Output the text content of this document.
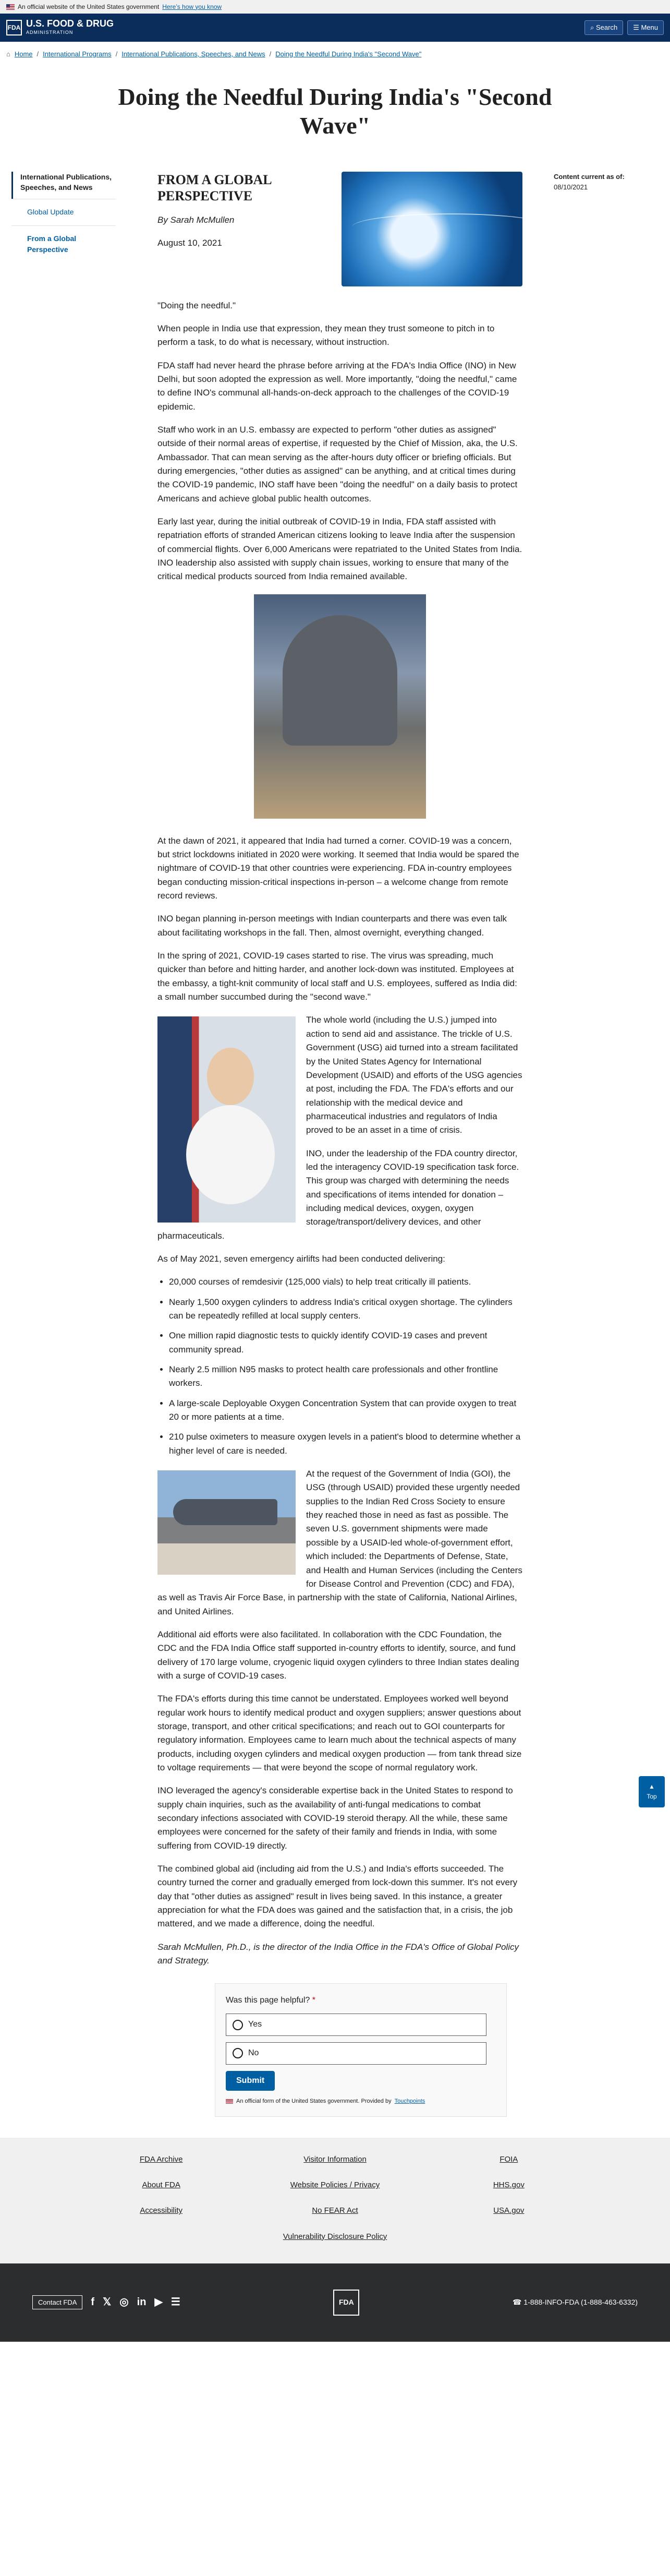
An official website of the United States government Here’s how you know
FDA U.S. FOOD & DRUG
ADMINISTRATION
⌕ Search	☰ Menu
⌂ Home / International Programs / International Publications, Speeches, and News / Doing the Needful During India's "Second Wave"
Doing the Needful During India's "Second Wave"
International Publications, Speeches, and News
Global Update
From a Global Perspective
FROM A GLOBAL PERSPECTIVE
By Sarah McMullen
August 10, 2021

"Doing the needful."

When people in India use that expression, they mean they trust someone to pitch in to perform a task, to do what is necessary, without instruction.

FDA staff had never heard the phrase before arriving at the FDA's India Office (INO) in New Delhi, but soon adopted the expression as well. More importantly, "doing the needful," came to define INO's communal all-hands-on-deck approach to the challenges of the COVID-19 epidemic.

Staff who work in an U.S. embassy are expected to perform "other duties as assigned" outside of their normal areas of expertise, if requested by the Chief of Mission, aka, the U.S. Ambassador. That can mean serving as the after-hours duty officer or briefing officials. But during emergencies, "other duties as assigned" can be anything, and at critical times during the COVID-19 pandemic, INO staff have been "doing the needful" on a daily basis to protect Americans and achieve global public health outcomes.

Early last year, during the initial outbreak of COVID-19 in India, FDA staff assisted with repatriation efforts of stranded American citizens looking to leave India after the suspension of commercial flights. Over 6,000 Americans were repatriated to the United States from India. INO leadership also assisted with supply chain issues, working to ensure that many of the critical medical products sourced from India remained available.

At the dawn of 2021, it appeared that India had turned a corner. COVID-19 was a concern, but strict lockdowns initiated in 2020 were working. It seemed that India would be spared the nightmare of COVID-19 that other countries were experiencing. FDA in-country employees began conducting mission-critical inspections in-person – a welcome change from remote record reviews.

INO began planning in-person meetings with Indian counterparts and there was even talk about facilitating workshops in the fall. Then, almost overnight, everything changed.

In the spring of 2021, COVID-19 cases started to rise. The virus was spreading, much quicker than before and hitting harder, and another lock-down was instituted. Employees at the embassy, a tight-knit community of local staff and U.S. employees, suffered as India did: a small number succumbed during the "second wave."

The whole world (including the U.S.) jumped into action to send aid and assistance. The trickle of U.S. Government (USG) aid turned into a stream facilitated by the United States Agency for International Development (USAID) and efforts of the USG agencies at post, including the FDA. The FDA's efforts and our relationship with the medical device and pharmaceutical industries and regulators of India proved to be an asset in a time of crisis.

INO, under the leadership of the FDA country director, led the interagency COVID-19 specification task force. This group was charged with determining the needs and specifications of items intended for donation – including medical devices, oxygen, oxygen storage/transport/delivery devices, and other pharmaceuticals.

As of May 2021, seven emergency airlifts had been conducted delivering:

• 20,000 courses of remdesivir (125,000 vials) to help treat critically ill patients.
• Nearly 1,500 oxygen cylinders to address India's critical oxygen shortage. The cylinders can be repeatedly refilled at local supply centers.
• One million rapid diagnostic tests to quickly identify COVID-19 cases and prevent community spread.
• Nearly 2.5 million N95 masks to protect health care professionals and other frontline workers.
• A large-scale Deployable Oxygen Concentration System that can provide oxygen to treat 20 or more patients at a time.
• 210 pulse oximeters to measure oxygen levels in a patient's blood to determine whether a higher level of care is needed.

At the request of the Government of India (GOI), the USG (through USAID) provided these urgently needed supplies to the Indian Red Cross Society to ensure they reached those in need as fast as possible. The seven U.S. government shipments were made possible by a USAID-led whole-of-government effort, which included: the Departments of Defense, State, and Health and Human Services (including the Centers for Disease Control and Prevention (CDC) and FDA), as well as Travis Air Force Base, in partnership with the state of California, National Airlines, and United Airlines.

Additional aid efforts were also facilitated. In collaboration with the CDC Foundation, the CDC and the FDA India Office staff supported in-country efforts to identify, source, and fund delivery of 170 large volume, cryogenic liquid oxygen cylinders to three Indian states dealing with a surge of COVID-19 cases.

The FDA's efforts during this time cannot be understated. Employees worked well beyond regular work hours to identify medical product and oxygen suppliers; answer questions about storage, transport, and other critical specifications; and reach out to GOI counterparts for regulatory information. Employees came to learn much about the technical aspects of many products, including oxygen cylinders and medical oxygen production — from tank thread size to voltage requirements — that were beyond the scope of normal regulatory work.

INO leveraged the agency's considerable expertise back in the United States to respond to supply chain inquiries, such as the availability of anti-fungal medications to combat secondary infections associated with COVID-19 steroid therapy. All the while, these same employees were concerned for the safety of their family and friends in India, with some suffering from COVID-19 directly.

The combined global aid (including aid from the U.S.) and India's efforts succeeded. The country turned the corner and gradually emerged from lock-down this summer. It's not every day that "other duties as assigned" result in lives being saved. In this instance, a greater appreciation for what the FDA does was gained and the satisfaction that, in a crisis, the job mattered, and we made a difference, doing the needful.

Sarah McMullen, Ph.D., is the director of the India Office in the FDA's Office of Global Policy and Strategy.

Was this page helpful? *
Yes
No
Submit
An official form of the United States government. Provided by Touchpoints
Content current as of:
08/10/2021
▲
Top
FDA Archive	Visitor Information	FOIA
About FDA	Website Policies / Privacy	HHS.gov
Accessibility	No FEAR Act	USA.gov
Vulnerability Disclosure Policy
Contact FDA	f 𝕏 ◎ in ▶ ☰	FDA	☎ 1-888-INFO-FDA (1-888-463-6332)
